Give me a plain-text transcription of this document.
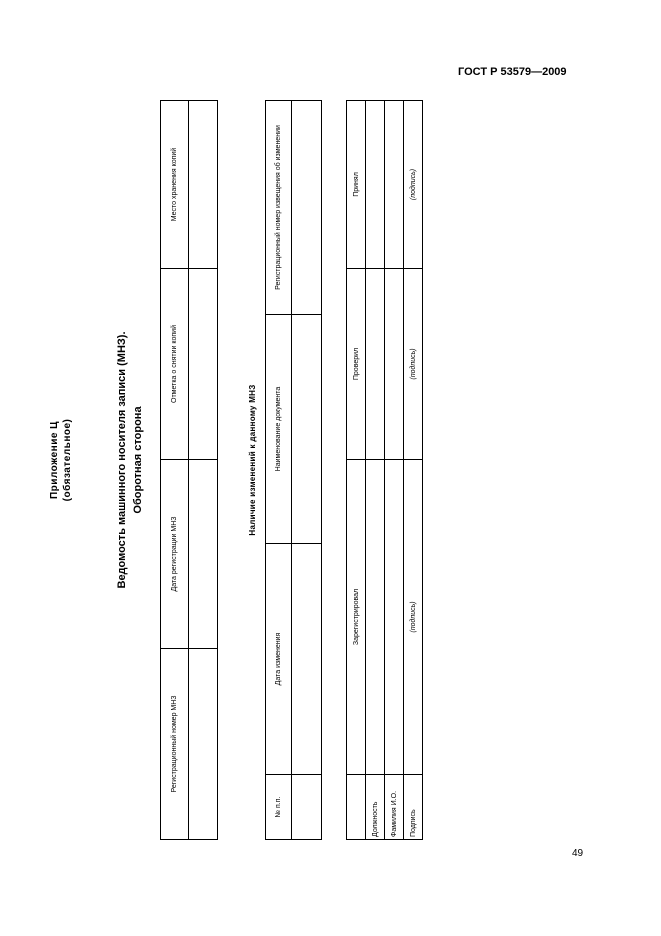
ГОСТ Р 53579—2009
Приложение Ц (обязательное)	Ведомость машинного носителя записи (МНЗ). Оборотная сторона
Регистрационный номер МНЗ	Дата регистрации МНЗ	Отметка о снятии копий	Место хранения копий

Наличие изменений к данному МНЗ
№ п.п.	Дата изменения	Наименование документа	Регистрационный номер извещения об изменении

	Зарегистрировал	Проверил	Принял
Должность			
Фамилия И.О.			
Подпись	(подпись)	(подпись)	(подпись)
49
